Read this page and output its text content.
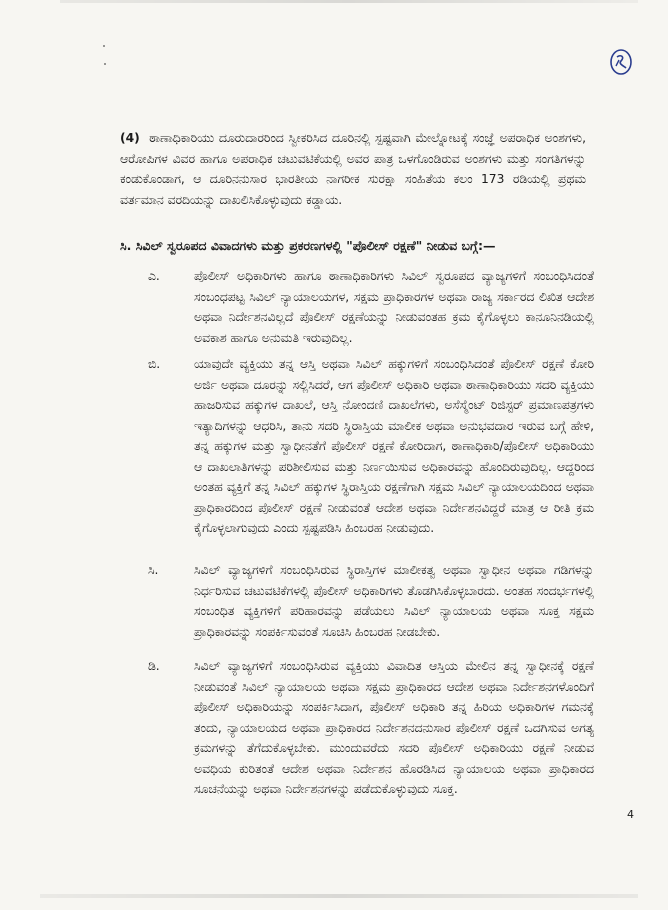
(4) ಠಾಣಾಧಿಕಾರಿಯು ದೂರುದಾರರಿಂದ ಸ್ವೀಕರಿಸಿದ ದೂರಿನಲ್ಲಿ ಸ್ಪಷ್ಟವಾಗಿ ಮೇಲ್ನೋಟಕ್ಕೆ ಸಂಜ್ಞೆ ಅಪರಾಧಿಕ ಅಂಶಗಳು, ಆರೋಪಿಗಳ ವಿವರ ಹಾಗೂ ಅಪರಾಧಿಕ ಚಟುವಟಿಕೆಯಲ್ಲಿ ಅವರ ಪಾತ್ರ ಒಳಗೊಂಡಿರುವ ಅಂಶಗಳು ಮತ್ತು ಸಂಗತಿಗಳನ್ನು ಕಂಡುಕೊಂಡಾಗ, ಆ ದೂರಿನನುಸಾರ ಭಾರತೀಯ ನಾಗರೀಕ ಸುರಕ್ಷಾ ಸಂಹಿತೆಯ ಕಲಂ 173 ರಡಿಯಲ್ಲಿ ಪ್ರಥಮ ವರ್ತಮಾನ ವರದಿಯನ್ನು ದಾಖಲಿಸಿಕೊಳ್ಳುವುದು ಕಡ್ಡಾಯ.
ಸಿ. ಸಿವಿಲ್ ಸ್ವರೂಪದ ವಿವಾದಗಳು ಮತ್ತು ಪ್ರಕರಣಗಳಲ್ಲಿ "ಪೊಲೀಸ್ ರಕ್ಷಣೆ" ನೀಡುವ ಬಗ್ಗೆ:—
ಎ.	ಪೊಲೀಸ್ ಅಧಿಕಾರಿಗಳು ಹಾಗೂ ಠಾಣಾಧಿಕಾರಿಗಳು ಸಿವಿಲ್ ಸ್ವರೂಪದ ವ್ಯಾಜ್ಯಗಳಿಗೆ ಸಂಬಂಧಿಸಿದಂತೆ ಸಂಬಂಧಪಟ್ಟ ಸಿವಿಲ್ ನ್ಯಾಯಾಲಯಗಳ, ಸಕ್ಷಮ ಪ್ರಾಧಿಕಾರಗಳ ಅಥವಾ ರಾಜ್ಯ ಸರ್ಕಾರದ ಲಿಖಿತ ಆದೇಶ ಅಥವಾ ನಿರ್ದೇಶನವಿಲ್ಲದೆ ಪೊಲೀಸ್ ರಕ್ಷಣೆಯನ್ನು ನೀಡುವಂತಹ ಕ್ರಮ ಕೈಗೊಳ್ಳಲು ಕಾನೂನಿನಡಿಯಲ್ಲಿ ಅವಕಾಶ ಹಾಗೂ ಅನುಮತಿ ಇರುವುದಿಲ್ಲ.
ಬಿ.	ಯಾವುದೇ ವ್ಯಕ್ತಿಯು ತನ್ನ ಆಸ್ತಿ ಅಥವಾ ಸಿವಿಲ್ ಹಕ್ಕುಗಳಿಗೆ ಸಂಬಂಧಿಸಿದಂತೆ ಪೊಲೀಸ್ ರಕ್ಷಣೆ ಕೋರಿ ಅರ್ಜಿ ಅಥವಾ ದೂರನ್ನು ಸಲ್ಲಿಸಿದರೆ, ಆಗ ಪೊಲೀಸ್ ಅಧಿಕಾರಿ ಅಥವಾ ಠಾಣಾಧಿಕಾರಿಯು ಸದರಿ ವ್ಯಕ್ತಿಯು ಹಾಜರಿಸುವ ಹಕ್ಕುಗಳ ದಾಖಲೆ, ಆಸ್ತಿ ನೋಂದಣಿ ದಾಖಲೆಗಳು, ಅಸೆಸ್ಮೆಂಟ್ ರಿಜಿಸ್ಟರ್ ಪ್ರಮಾಣಪತ್ರಗಳು ಇತ್ಯಾದಿಗಳನ್ನು ಆಧರಿಸಿ, ತಾನು ಸದರಿ ಸ್ಥಿರಾಸ್ತಿಯ ಮಾಲೀಕ ಅಥವಾ ಅನುಭವದಾರ ಇರುವ ಬಗ್ಗೆ ಹೇಳಿ, ತನ್ನ ಹಕ್ಕುಗಳ ಮತ್ತು ಸ್ವಾಧೀನತೆಗೆ ಪೊಲೀಸ್ ರಕ್ಷಣೆ ಕೋರಿದಾಗ, ಠಾಣಾಧಿಕಾರಿ/ಪೊಲೀಸ್ ಅಧಿಕಾರಿಯು ಆ ದಾಖಲಾತಿಗಳನ್ನು ಪರಿಶೀಲಿಸುವ ಮತ್ತು ನಿರ್ಣಯಿಸುವ ಅಧಿಕಾರವನ್ನು ಹೊಂದಿರುವುದಿಲ್ಲ. ಆದ್ದರಿಂದ ಅಂತಹ ವ್ಯಕ್ತಿಗೆ ತನ್ನ ಸಿವಿಲ್ ಹಕ್ಕುಗಳ ಸ್ಥಿರಾಸ್ತಿಯ ರಕ್ಷಣೆಗಾಗಿ ಸಕ್ಷಮ ಸಿವಿಲ್ ನ್ಯಾಯಾಲಯದಿಂದ ಅಥವಾ ಪ್ರಾಧಿಕಾರದಿಂದ ಪೊಲೀಸ್ ರಕ್ಷಣೆ ನೀಡುವಂತೆ ಆದೇಶ ಅಥವಾ ನಿರ್ದೇಶನವಿದ್ದರೆ ಮಾತ್ರ ಆ ರೀತಿ ಕ್ರಮ ಕೈಗೊಳ್ಳಲಾಗುವುದು ಎಂದು ಸ್ಪಷ್ಟಪಡಿಸಿ ಹಿಂಬರಹ ನೀಡುವುದು.
ಸಿ.	ಸಿವಿಲ್ ವ್ಯಾಜ್ಯಗಳಿಗೆ ಸಂಬಂಧಿಸಿರುವ ಸ್ಥಿರಾಸ್ತಿಗಳ ಮಾಲೀಕತ್ವ ಅಥವಾ ಸ್ವಾಧೀನ ಅಥವಾ ಗಡಿಗಳನ್ನು ನಿರ್ಧರಿಸುವ ಚಟುವಟಿಕೆಗಳಲ್ಲಿ ಪೊಲೀಸ್ ಅಧಿಕಾರಿಗಳು ತೊಡಗಿಸಿಕೊಳ್ಳಬಾರದು. ಅಂತಹ ಸಂದರ್ಭಗಳಲ್ಲಿ ಸಂಬಂಧಿತ ವ್ಯಕ್ತಿಗಳಿಗೆ ಪರಿಹಾರವನ್ನು ಪಡೆಯಲು ಸಿವಿಲ್ ನ್ಯಾಯಾಲಯ ಅಥವಾ ಸೂಕ್ತ ಸಕ್ಷಮ ಪ್ರಾಧಿಕಾರವನ್ನು ಸಂಪರ್ಕಿಸುವಂತೆ ಸೂಚಿಸಿ ಹಿಂಬರಹ ನೀಡಬೇಕು.
ಡಿ.	ಸಿವಿಲ್ ವ್ಯಾಜ್ಯಗಳಿಗೆ ಸಂಬಂಧಿಸಿರುವ ವ್ಯಕ್ತಿಯು ವಿವಾದಿತ ಆಸ್ತಿಯ ಮೇಲಿನ ತನ್ನ ಸ್ವಾಧೀನಕ್ಕೆ ರಕ್ಷಣೆ ನೀಡುವಂತೆ ಸಿವಿಲ್ ನ್ಯಾಯಾಲಯ ಅಥವಾ ಸಕ್ಷಮ ಪ್ರಾಧಿಕಾರದ ಆದೇಶ ಅಥವಾ ನಿರ್ದೇಶನಗಳೊಂದಿಗೆ ಪೊಲೀಸ್ ಅಧಿಕಾರಿಯನ್ನು ಸಂಪರ್ಕಿಸಿದಾಗ, ಪೊಲೀಸ್ ಅಧಿಕಾರಿ ತನ್ನ ಹಿರಿಯ ಅಧಿಕಾರಿಗಳ ಗಮನಕ್ಕೆ ತಂದು, ನ್ಯಾಯಾಲಯದ ಅಥವಾ ಪ್ರಾಧಿಕಾರದ ನಿರ್ದೇಶನದನುಸಾರ ಪೊಲೀಸ್ ರಕ್ಷಣೆ ಒದಗಿಸುವ ಅಗತ್ಯ ಕ್ರಮಗಳನ್ನು ತೆಗೆದುಕೊಳ್ಳಬೇಕು. ಮುಂದುವರೆದು ಸದರಿ ಪೊಲೀಸ್ ಅಧಿಕಾರಿಯು ರಕ್ಷಣೆ ನೀಡುವ ಅವಧಿಯ ಕುರಿತಂತೆ ಆದೇಶ ಅಥವಾ ನಿರ್ದೇಶನ ಹೊರಡಿಸಿದ ನ್ಯಾಯಾಲಯ ಅಥವಾ ಪ್ರಾಧಿಕಾರದ ಸೂಚನೆಯನ್ನು ಅಥವಾ ನಿರ್ದೇಶನಗಳನ್ನು ಪಡೆದುಕೊಳ್ಳುವುದು ಸೂಕ್ತ.
4
